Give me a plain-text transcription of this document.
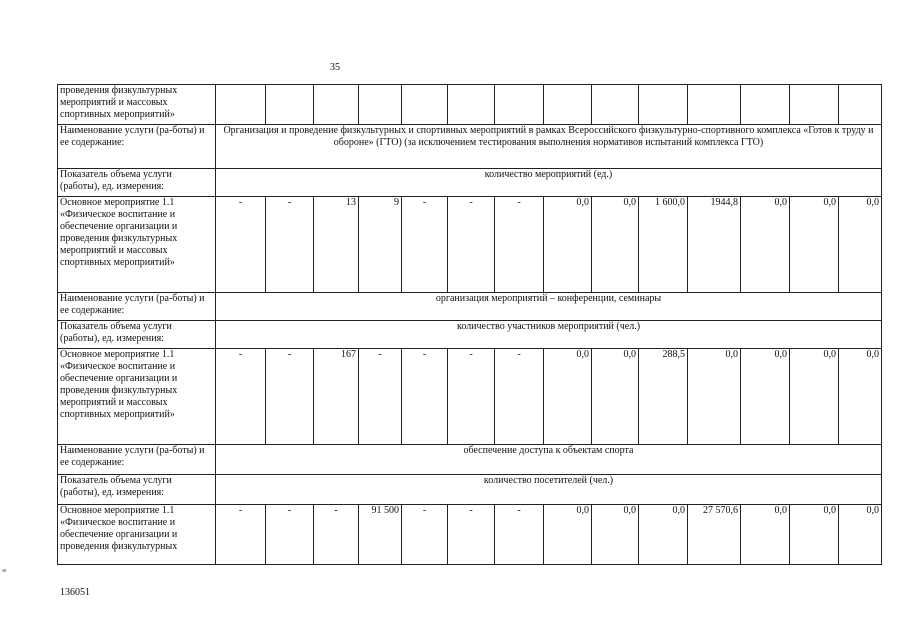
35
проведения физкультурных мероприятий и массовых спортивных мероприятий»														
Наименование услуги (ра-боты) и ее содержание:	Организация и проведение физкультурных и спортивных мероприятий в рамках Всероссийского физкультурно-спортивного комплекса «Готов к труду и обороне» (ГТО) (за исключением тестирования выполнения нормативов испытаний комплекса ГТО)													
Показатель объема услуги (работы), ед. измерения:	количество мероприятий (ед.)													
Основное мероприятие 1.1 «Физическое воспитание и обеспечение организации и проведения физкультурных мероприятий и массовых спортивных мероприятий»	-	-	13	9	-	-	-	0,0	0,0	1 600,0	1944,8	0,0	0,0	0,0
Наименование услуги (ра-боты) и ее содержание:	организация мероприятий – конференции, семинары													
Показатель объема услуги (работы), ед. измерения:	количество участников мероприятий (чел.)													
Основное мероприятие 1.1 «Физическое воспитание и обеспечение организации и проведения физкультурных мероприятий и массовых спортивных мероприятий»	-	-	167	-	-	-	-	0,0	0,0	288,5	0,0	0,0	0,0	0,0
Наименование услуги (ра-боты) и ее содержание:	обеспечение доступа к объектам спорта													
Показатель объема услуги (работы), ед. измерения:	количество посетителей (чел.)													
Основное мероприятие 1.1 «Физическое воспитание и обеспечение организации и проведения физкультурных	-	-	-	91 500	-	-	-	0,0	0,0	0,0	27 570,6	0,0	0,0	0,0
≡
136051
